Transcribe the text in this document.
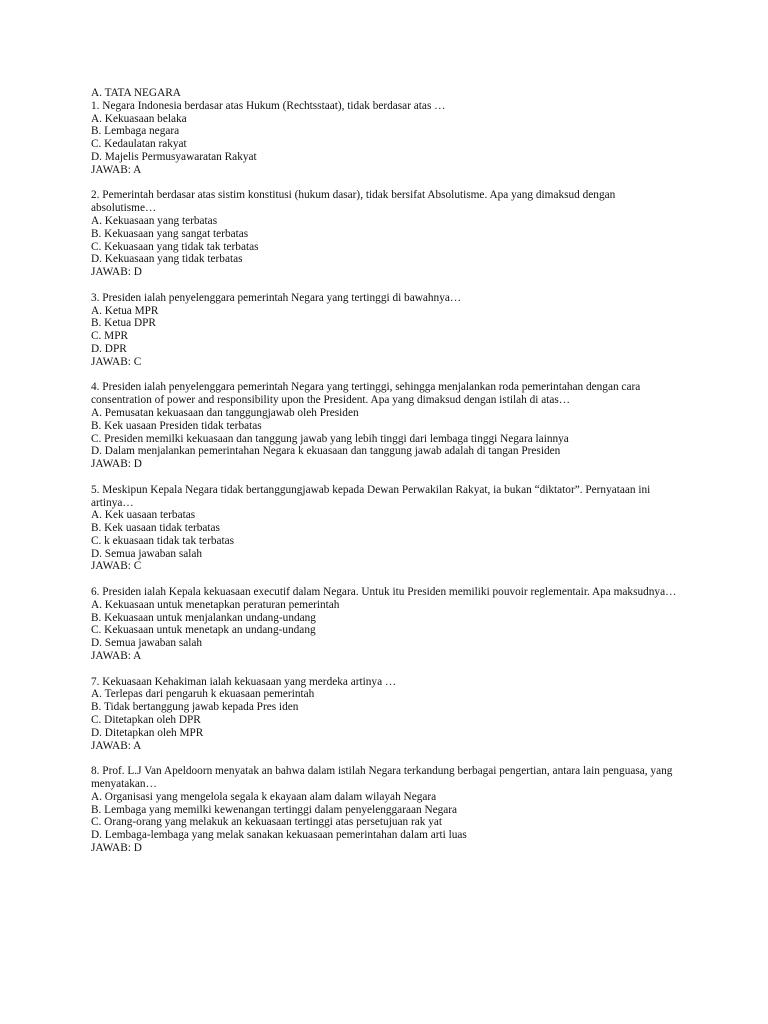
A. TATA NEGARA
1. Negara Indonesia berdasar atas Hukum (Rechtsstaat), tidak berdasar atas …
A. Kekuasaan belaka
B. Lembaga negara
C. Kedaulatan rakyat
D. Majelis Permusyawaratan Rakyat
JAWAB: A
2. Pemerintah berdasar atas sistim konstitusi (hukum dasar), tidak bersifat Absolutisme. Apa yang dimaksud dengan absolutisme…
A. Kekuasaan yang terbatas
B. Kekuasaan yang sangat terbatas
C. Kekuasaan yang tidak tak terbatas
D. Kekuasaan yang tidak terbatas
JAWAB: D
3. Presiden ialah penyelenggara pemerintah Negara yang tertinggi di bawahnya…
A. Ketua MPR
B. Ketua DPR
C. MPR
D. DPR
JAWAB: C
4. Presiden ialah penyelenggara pemerintah Negara yang tertinggi, sehingga menjalankan roda pemerintahan dengan cara consentration of power and responsibility upon the President. Apa yang dimaksud dengan istilah di atas…
A. Pemusatan kekuasaan dan tanggungjawab oleh Presiden
B. Kek uasaan Presiden tidak terbatas
C. Presiden memilki kekuasaan dan tanggung jawab yang lebih tinggi dari lembaga tinggi Negara lainnya
D. Dalam menjalankan pemerintahan Negara k ekuasaan dan tanggung jawab adalah di tangan Presiden
JAWAB: D
5. Meskipun Kepala Negara tidak bertanggungjawab kepada Dewan Perwakilan Rakyat, ia bukan “diktator”. Pernyataan ini artinya…
A. Kek uasaan terbatas
B. Kek uasaan tidak terbatas
C. k ekuasaan tidak tak terbatas
D. Semua jawaban salah
JAWAB: C
6. Presiden ialah Kepala kekuasaan executif dalam Negara. Untuk itu Presiden memiliki pouvoir reglementair. Apa maksudnya…
A. Kekuasaan untuk menetapkan peraturan pemerintah
B. Kekuasaan untuk menjalankan undang-undang
C. Kekuasaan untuk menetapk an undang-undang
D. Semua jawaban salah
JAWAB: A
7. Kekuasaan Kehakiman ialah kekuasaan yang merdeka artinya …
A. Terlepas dari pengaruh k ekuasaan pemerintah
B. Tidak bertanggung jawab kepada Pres iden
C. Ditetapkan oleh DPR
D. Ditetapkan oleh MPR
JAWAB: A
8. Prof. L.J Van Apeldoorn menyatak an bahwa dalam istilah Negara terkandung berbagai pengertian, antara lain penguasa, yang menyatakan…
A. Organisasi yang mengelola segala k ekayaan alam dalam wilayah Negara
B. Lembaga yang memilki kewenangan tertinggi dalam penyelenggaraan Negara
C. Orang-orang yang melakuk an kekuasaan tertinggi atas persetujuan rak yat
D. Lembaga-lembaga yang melak sanakan kekuasaan pemerintahan dalam arti luas
JAWAB: D
